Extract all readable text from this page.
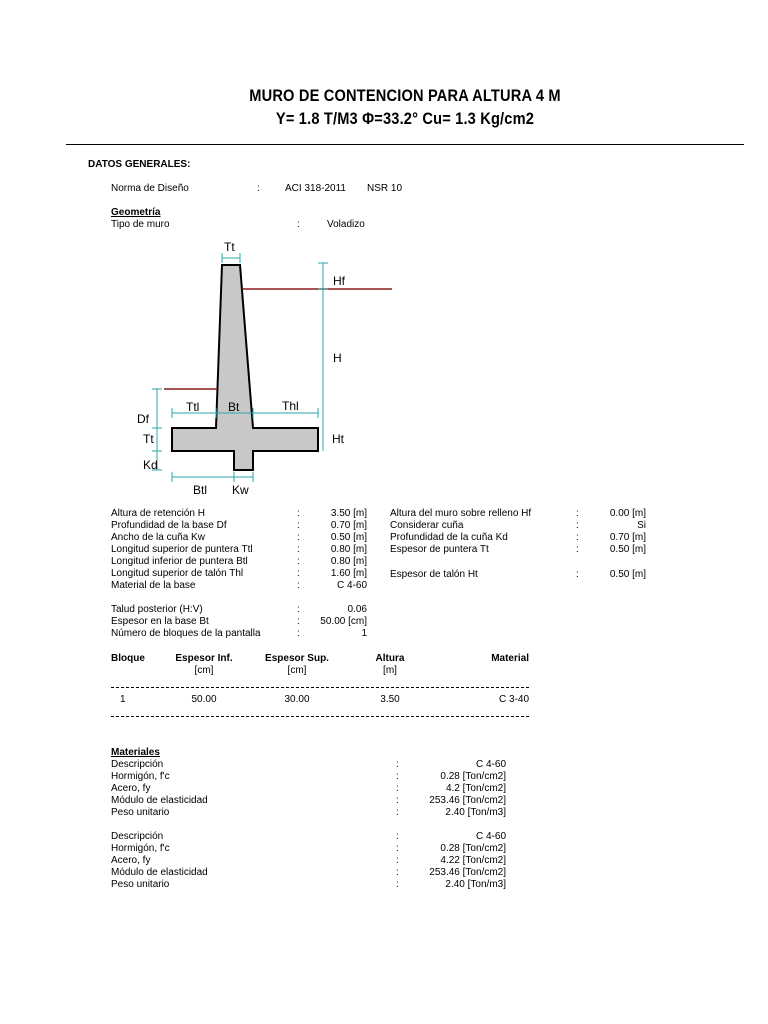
MURO DE CONTENCION PARA ALTURA 4 M
Y= 1.8 T/M3 Φ=33.2° Cu= 1.3 Kg/cm2
DATOS GENERALES:
Norma de Diseño	:	ACI 318-2011 NSR 10
Geometría
Tipo de muro	:	Voladizo
Tt
Hf
H
Df
Ttl Bt	Thl
Tt	Ht
Kd
Btl Kw
Altura de retención H	:	3.50 [m]
Profundidad de la base Df	:	0.70 [m]
Ancho de la cuña Kw	:	0.50 [m]
Longitud superior de puntera Ttl	:	0.80 [m]
Longitud inferior de puntera Btl	:	0.80 [m]
Longitud superior de talón Thl	:	1.60 [m]
Material de la base	:	C 4-60
Altura del muro sobre relleno Hf	:	0.00 [m]
Considerar cuña	:	Si
Profundidad de la cuña Kd	:	0.70 [m]
Espesor de puntera Tt	:	0.50 [m]
Espesor de talón Ht	:	0.50 [m]
Talud posterior (H:V)	:	0.06
Espesor en la base Bt	:	50.00 [cm]
Número de bloques de la pantalla	:	1
Bloque	Espesor Inf.	Espesor Sup.	Altura	Material
[cm]	[cm]	[m]
1	50.00	30.00	3.50	C 3-40
Materiales
Descripción	:	C 4-60
Hormigón, f'c	:	0.28 [Ton/cm2]
Acero, fy	:	4.2 [Ton/cm2]
Módulo de elasticidad	:	253.46 [Ton/cm2]
Peso unitario	:	2.40 [Ton/m3]
Descripción	:	C 4-60
Hormigón, f'c	:	0.28 [Ton/cm2]
Acero, fy	:	4.22 [Ton/cm2]
Módulo de elasticidad	:	253.46 [Ton/cm2]
Peso unitario	:	2.40 [Ton/m3]
